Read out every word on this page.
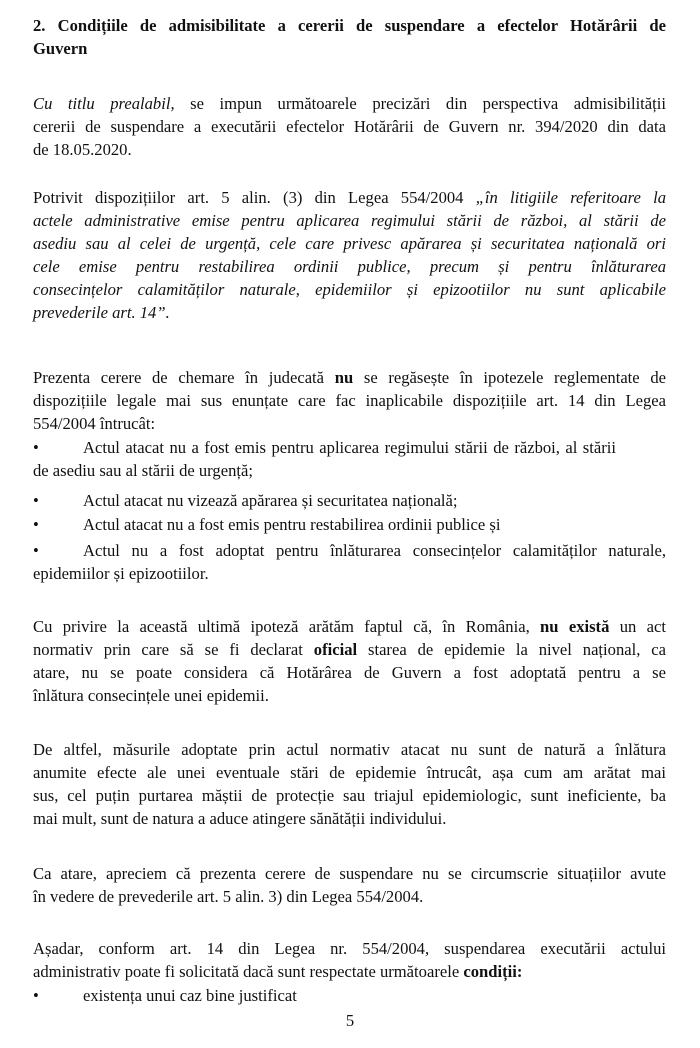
2. Condițiile de admisibilitate a cererii de suspendare a efectelor Hotărârii de
Guvern
Cu titlu prealabil, se impun următoarele precizări din perspectiva admisibilității
cererii de suspendare a executării efectelor Hotărârii de Guvern nr. 394/2020 din data
de 18.05.2020.
Potrivit dispozițiilor art. 5 alin. (3) din Legea 554/2004 „în litigiile referitoare la
actele administrative emise pentru aplicarea regimului stării de război, al stării de
asediu sau al celei de urgență, cele care privesc apărarea și securitatea națională ori
cele emise pentru restabilirea ordinii publice, precum și pentru înlăturarea
consecințelor calamităților naturale, epidemiilor și epizootiilor nu sunt aplicabile
prevederile art. 14”.
Prezenta cerere de chemare în judecată nu se regăsește în ipotezele reglementate de
dispozițiile legale mai sus enunțate care fac inaplicabile dispozițiile art. 14 din Legea
554/2004 întrucât:
•	Actul atacat nu a fost emis pentru aplicarea regimului stării de război, al stării
de asediu sau al stării de urgență;
•	Actul atacat nu vizează apărarea și securitatea națională;
•	Actul atacat nu a fost emis pentru restabilirea ordinii publice și
•	Actul nu a fost adoptat pentru înlăturarea consecințelor calamităților naturale,
epidemiilor și epizootiilor.
Cu privire la această ultimă ipoteză arătăm faptul că, în România, nu există un act
normativ prin care să se fi declarat oficial starea de epidemie la nivel național, ca
atare, nu se poate considera că Hotărârea de Guvern a fost adoptată pentru a se
înlătura consecințele unei epidemii.
De altfel, măsurile adoptate prin actul normativ atacat nu sunt de natură a înlătura
anumite efecte ale unei eventuale stări de epidemie întrucât, așa cum am arătat mai
sus, cel puțin purtarea măștii de protecție sau triajul epidemiologic, sunt ineficiente, ba
mai mult, sunt de natura a aduce atingere sănătății individului.
Ca atare, apreciem că prezenta cerere de suspendare nu se circumscrie situațiilor avute
în vedere de prevederile art. 5 alin. 3) din Legea 554/2004.
Așadar, conform art. 14 din Legea nr. 554/2004, suspendarea executării actului
administrativ poate fi solicitată dacă sunt respectate următoarele condiții:
•	existența unui caz bine justificat
5
